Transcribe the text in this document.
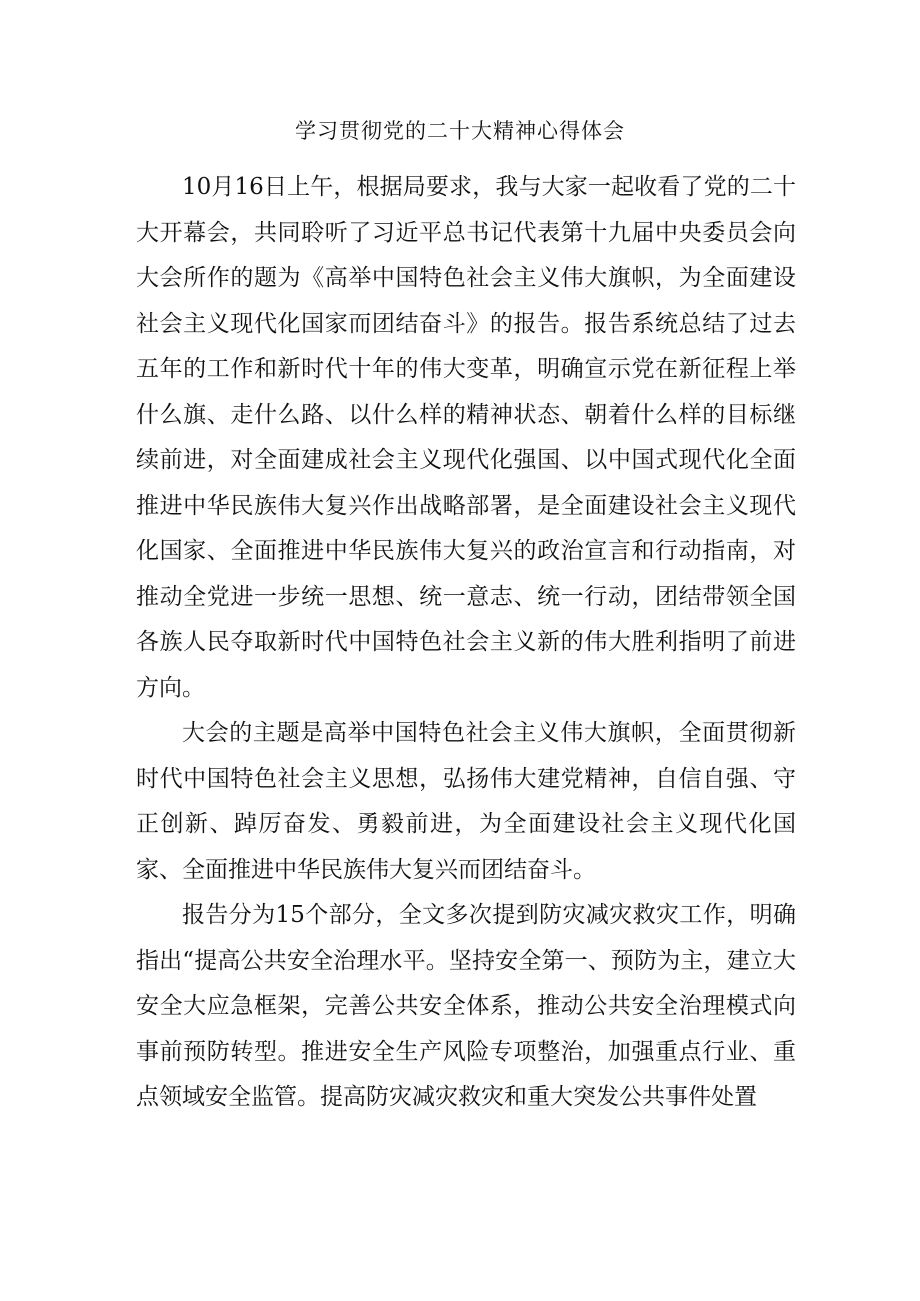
学习贯彻党的二十大精神心得体会

10月16日上午，根据局要求，我与大家一起收看了党的二十大开幕会，共同聆听了习近平总书记代表第十九届中央委员会向大会所作的题为《高举中国特色社会主义伟大旗帜，为全面建设社会主义现代化国家而团结奋斗》的报告。报告系统总结了过去五年的工作和新时代十年的伟大变革，明确宣示党在新征程上举什么旗、走什么路、以什么样的精神状态、朝着什么样的目标继续前进，对全面建成社会主义现代化强国、以中国式现代化全面推进中华民族伟大复兴作出战略部署，是全面建设社会主义现代化国家、全面推进中华民族伟大复兴的政治宣言和行动指南，对推动全党进一步统一思想、统一意志、统一行动，团结带领全国各族人民夺取新时代中国特色社会主义新的伟大胜利指明了前进方向。

大会的主题是高举中国特色社会主义伟大旗帜，全面贯彻新时代中国特色社会主义思想，弘扬伟大建党精神，自信自强、守正创新、踔厉奋发、勇毅前进，为全面建设社会主义现代化国家、全面推进中华民族伟大复兴而团结奋斗。

报告分为15个部分，全文多次提到防灾减灾救灾工作，明确指出“提高公共安全治理水平。坚持安全第一、预防为主，建立大安全大应急框架，完善公共安全体系，推动公共安全治理模式向事前预防转型。推进安全生产风险专项整治，加强重点行业、重点领域安全监管。提高防灾减灾救灾和重大突发公共事件处置
